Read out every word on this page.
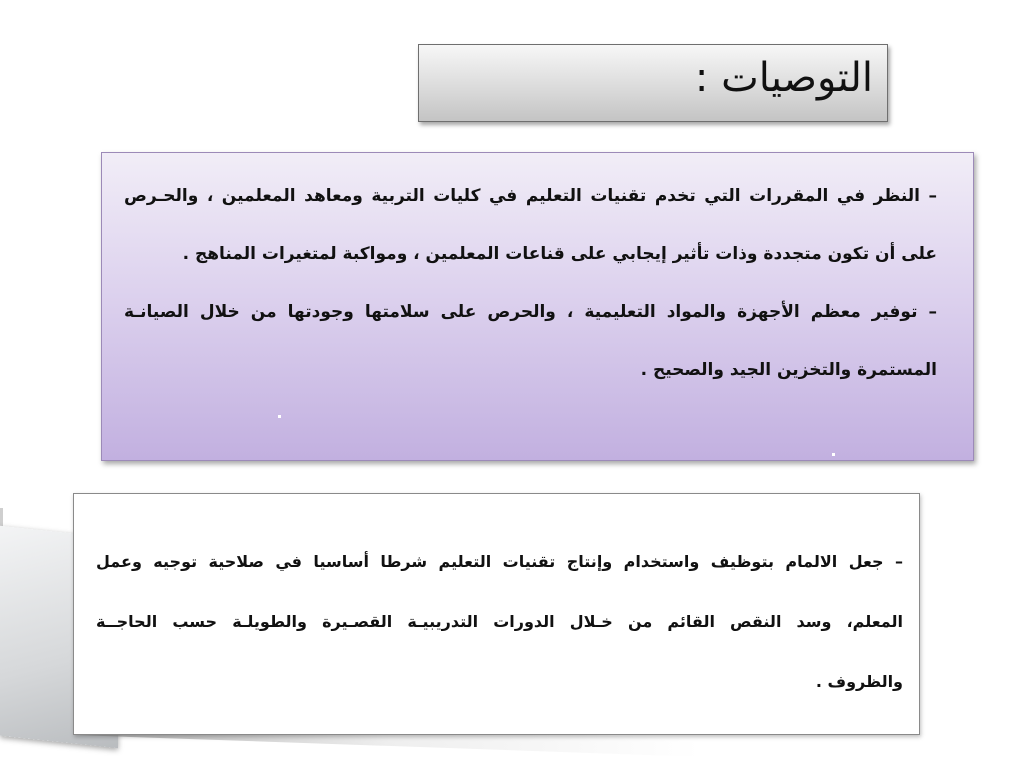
التوصيات :
– النظر في المقررات التي تخدم تقنيات التعليم في كليات التربية ومعاهد المعلمين ، والحـرص
على أن تكون متجددة وذات تأثير إيجابي على قناعات المعلمين ، ومواكبة لمتغيرات المناهج .
– توفير معظم الأجهزة والمواد التعليمية ، والحرص على سلامتها وجودتها من خلال الصيانـة
المستمرة والتخزين الجيد والصحيح .
– جعل الالمام بتوظيف واستخدام وإنتاج تقنيات التعليم شرطا أساسيا في صلاحية توجيه وعمل
المعلم، وسد النقص القائم من خـلال الدورات التدريبيـة القصـيرة والطويلـة حسب الحاجــة
والظروف .
